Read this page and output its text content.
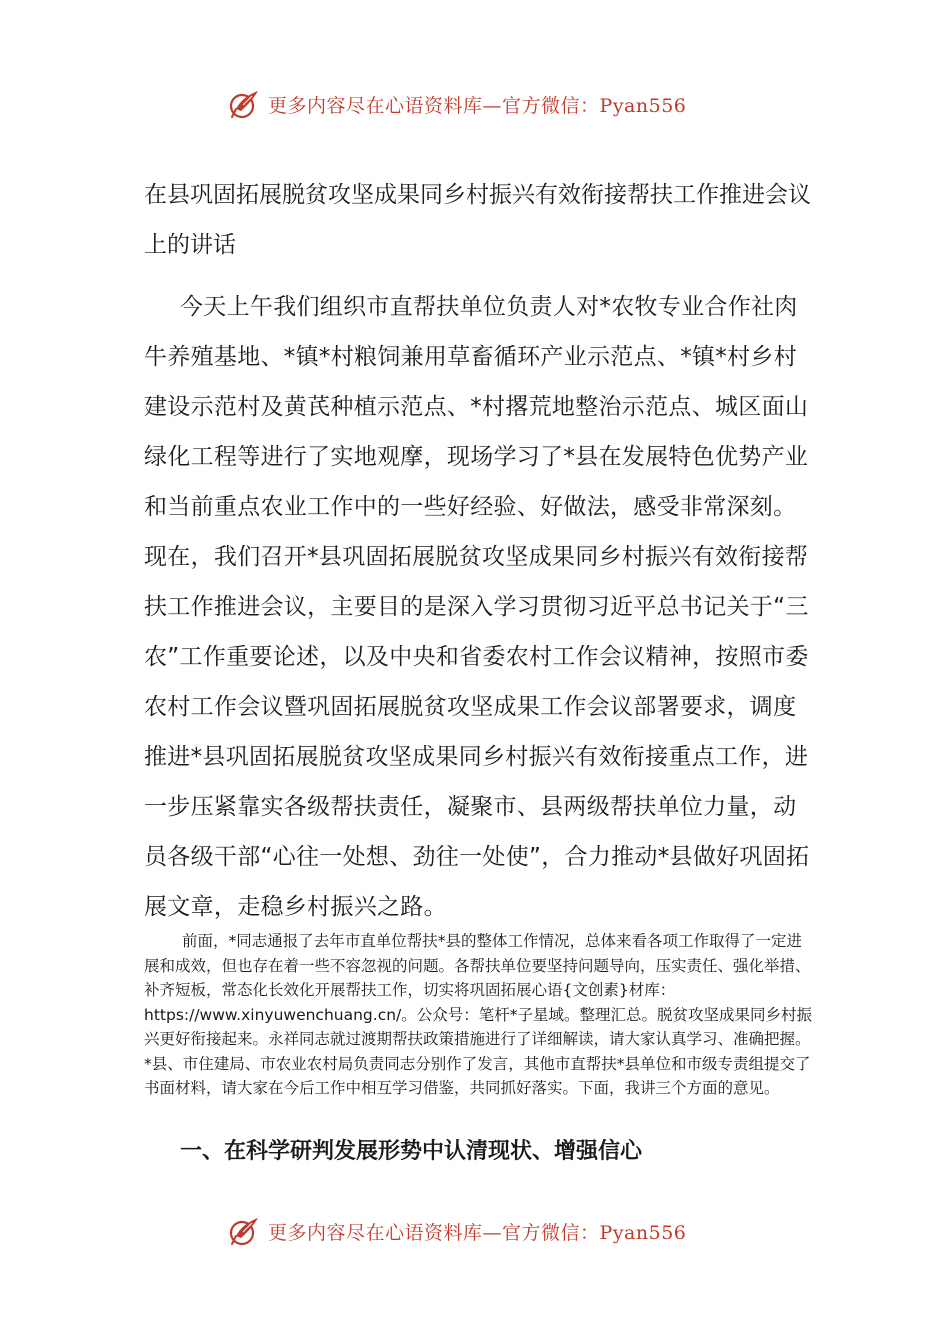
更多内容尽在心语资料库—官方微信：Pyan556
在县巩固拓展脱贫攻坚成果同乡村振兴有效衔接帮扶工作推进会议上的讲话

今天上午我们组织市直帮扶单位负责人对*农牧专业合作社肉牛养殖基地、*镇*村粮饲兼用草畜循环产业示范点、*镇*村乡村建设示范村及黄芪种植示范点、*村撂荒地整治示范点、城区面山绿化工程等进行了实地观摩，现场学习了*县在发展特色优势产业和当前重点农业工作中的一些好经验、好做法，感受非常深刻。现在，我们召开*县巩固拓展脱贫攻坚成果同乡村振兴有效衔接帮扶工作推进会议，主要目的是深入学习贯彻习近平总书记关于“三农”工作重要论述，以及中央和省委农村工作会议精神，按照市委农村工作会议暨巩固拓展脱贫攻坚成果工作会议部署要求，调度推进*县巩固拓展脱贫攻坚成果同乡村振兴有效衔接重点工作，进一步压紧靠实各级帮扶责任，凝聚市、县两级帮扶单位力量，动员各级干部“心往一处想、劲往一处使”，合力推动*县做好巩固拓展文章，走稳乡村振兴之路。

前面，*同志通报了去年市直单位帮扶*县的整体工作情况，总体来看各项工作取得了一定进展和成效，但也存在着一些不容忽视的问题。各帮扶单位要坚持问题导向，压实责任、强化举措、补齐短板，常态化长效化开展帮扶工作，切实将巩固拓展心语{文创素}材库：https://www.xinyuwenchuang.cn/。公众号：笔杆*子星域。整理汇总。脱贫攻坚成果同乡村振兴更好衔接起来。永祥同志就过渡期帮扶政策措施进行了详细解读，请大家认真学习、准确把握。*县、市住建局、市农业农村局负责同志分别作了发言，其他市直帮扶*县单位和市级专责组提交了书面材料，请大家在今后工作中相互学习借鉴，共同抓好落实。下面，我讲三个方面的意见。

一、在科学研判发展形势中认清现状、增强信心
更多内容尽在心语资料库—官方微信：Pyan556
